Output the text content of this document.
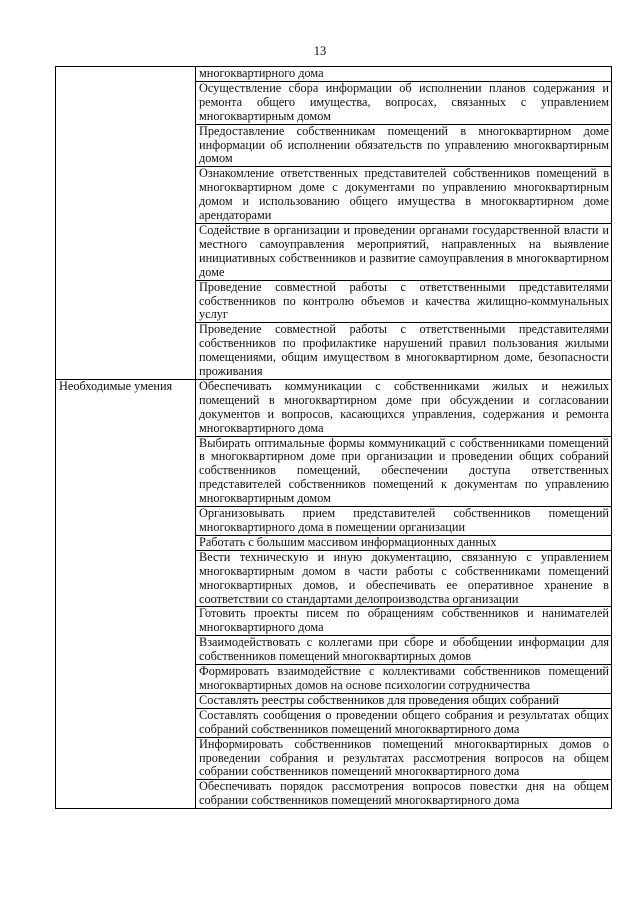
13

	многоквартирного дома

	Осуществление сбора информации об исполнении планов содержания и ремонта общего имущества, вопросах, связанных с управлением многоквартирным домом

	Предоставление собственникам помещений в многоквартирном доме информации об исполнении обязательств по управлению многоквартирным домом

	Ознакомление ответственных представителей собственников помещений в многоквартирном доме с документами по управлению многоквартирным домом и использованию общего имущества в многоквартирном доме арендаторами

	Содействие в организации и проведении органами государственной власти и местного самоуправления мероприятий, направленных на выявление инициативных собственников и развитие самоуправления в многоквартирном доме

	Проведение совместной работы с ответственными представителями собственников по контролю объемов и качества жилищно-коммунальных услуг

	Проведение совместной работы с ответственными представителями собственников по профилактике нарушений правил пользования жилыми помещениями, общим имуществом в многоквартирном доме, безопасности проживания

Необходимые умения	Обеспечивать коммуникации с собственниками жилых и нежилых помещений в многоквартирном доме при обсуждении и согласовании документов и вопросов, касающихся управления, содержания и ремонта многоквартирного дома

	Выбирать оптимальные формы коммуникаций с собственниками помещений в многоквартирном доме при организации и проведении общих собраний собственников помещений, обеспечении доступа ответственных представителей собственников помещений к документам по управлению многоквартирным домом

	Организовывать прием представителей собственников помещений многоквартирного дома в помещении организации

	Работать с большим массивом информационных данных

	Вести техническую и иную документацию, связанную с управлением многоквартирным домом в части работы с собственниками помещений многоквартирных домов, и обеспечивать ее оперативное хранение в соответствии со стандартами делопроизводства организации

	Готовить проекты писем по обращениям собственников и нанимателей многоквартирного дома

	Взаимодействовать с коллегами при сборе и обобщении информации для собственников помещений многоквартирных домов

	Формировать взаимодействие с коллективами собственников помещений многоквартирных домов на основе психологии сотрудничества

	Составлять реестры собственников для проведения общих собраний

	Составлять сообщения о проведении общего собрания и результатах общих собраний собственников помещений многоквартирного дома

	Информировать собственников помещений многоквартирных домов о проведении собрания и результатах рассмотрения вопросов на общем собрании собственников помещений многоквартирного дома

	Обеспечивать порядок рассмотрения вопросов повестки дня на общем собрании собственников помещений многоквартирного дома
